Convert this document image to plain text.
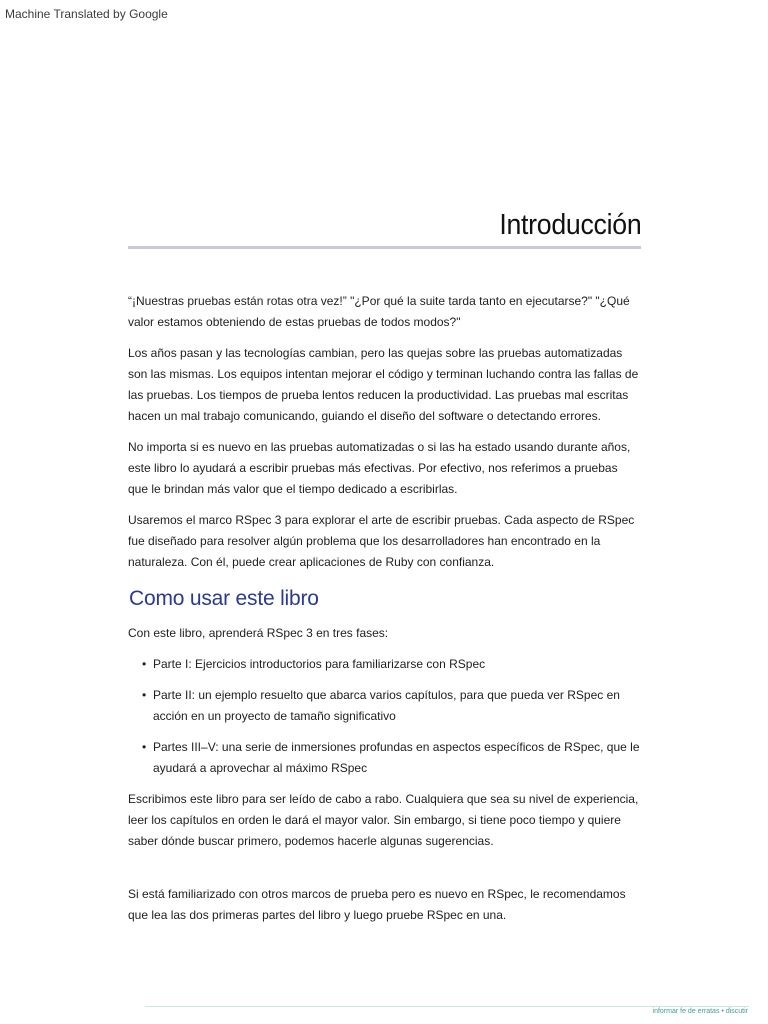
Machine Translated by Google
Introducción

“¡Nuestras pruebas están rotas otra vez!” "¿Por qué la suite tarda tanto en ejecutarse?" "¿Qué valor estamos obteniendo de estas pruebas de todos modos?"

Los años pasan y las tecnologías cambian, pero las quejas sobre las pruebas automatizadas son las mismas. Los equipos intentan mejorar el código y terminan luchando contra las fallas de las pruebas. Los tiempos de prueba lentos reducen la productividad. Las pruebas mal escritas hacen un mal trabajo comunicando, guiando el diseño del software o detectando errores.

No importa si es nuevo en las pruebas automatizadas o si las ha estado usando durante años, este libro lo ayudará a escribir pruebas más efectivas. Por efectivo, nos referimos a pruebas que le brindan más valor que el tiempo dedicado a escribirlas.

Usaremos el marco RSpec 3 para explorar el arte de escribir pruebas. Cada aspecto de RSpec fue diseñado para resolver algún problema que los desarrolladores han encontrado en la naturaleza. Con él, puede crear aplicaciones de Ruby con confianza.

Como usar este libro

Con este libro, aprenderá RSpec 3 en tres fases:

• Parte I: Ejercicios introductorios para familiarizarse con RSpec
• Parte II: un ejemplo resuelto que abarca varios capítulos, para que pueda ver RSpec en acción en un proyecto de tamaño significativo
• Partes III–V: una serie de inmersiones profundas en aspectos específicos de RSpec, que le ayudará a aprovechar al máximo RSpec

Escribimos este libro para ser leído de cabo a rabo. Cualquiera que sea su nivel de experiencia, leer los capítulos en orden le dará el mayor valor. Sin embargo, si tiene poco tiempo y quiere saber dónde buscar primero, podemos hacerle algunas sugerencias.

Si está familiarizado con otros marcos de prueba pero es nuevo en RSpec, le recomendamos que lea las dos primeras partes del libro y luego pruebe RSpec en una.

informar fe de erratas • discutir
